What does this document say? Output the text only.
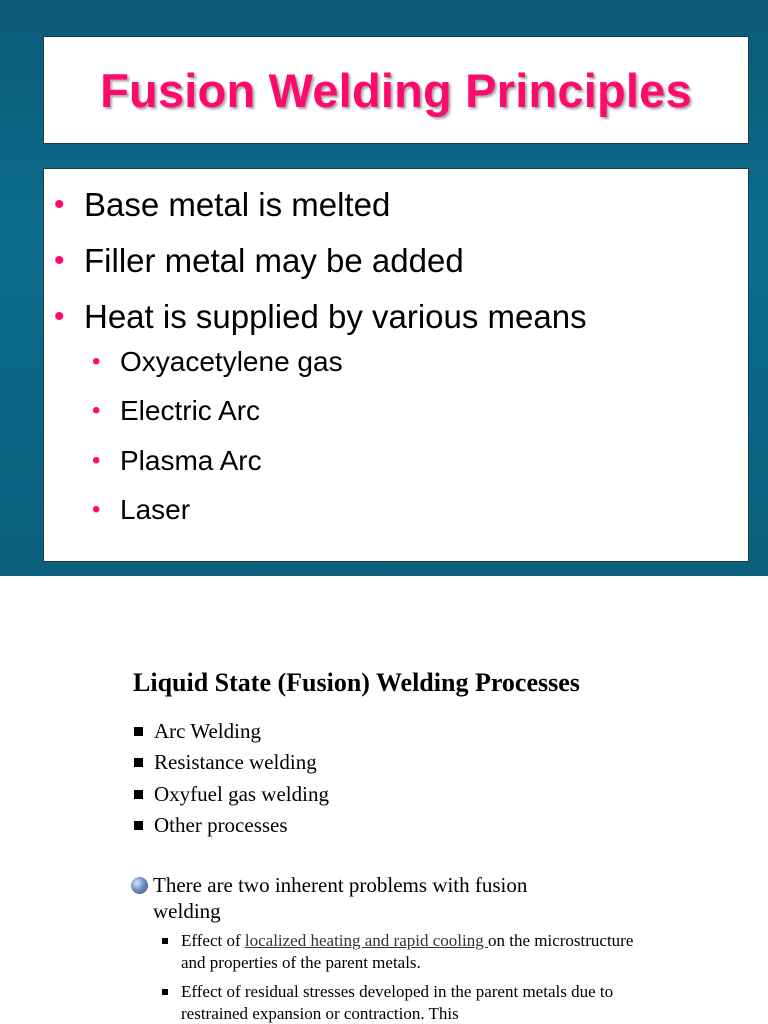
Fusion Welding Principles
• Base metal is melted
• Filler metal may be added
• Heat is supplied by various means
• Oxyacetylene gas
• Electric Arc
• Plasma Arc
• Laser
Liquid State (Fusion) Welding Processes
Arc Welding
Resistance welding
Oxyfuel gas welding
Other processes
There are two inherent problems with fusion
welding
Effect of localized heating and rapid cooling on the microstructure and properties of the parent metals.
Effect of residual stresses developed in the parent metals due to restrained expansion or contraction. This
